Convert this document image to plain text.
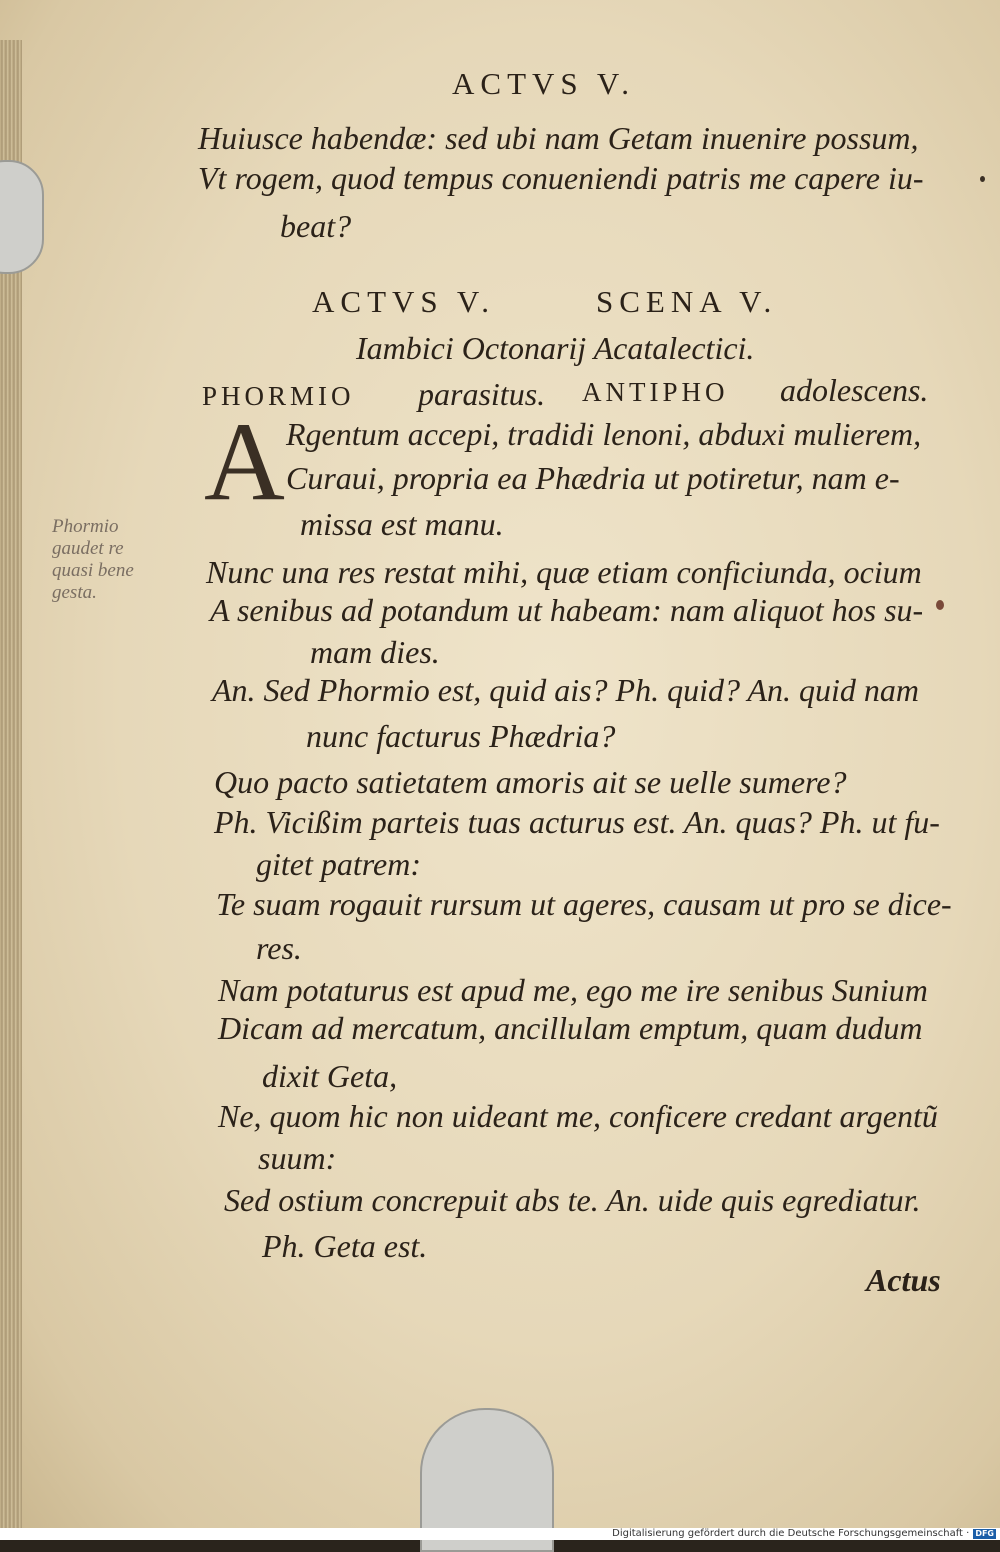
ACTVS V.
Huiusce habendæ: sed ubi nam Getam inuenire possum,
Vt rogem, quod tempus conueniendi patris me capere iu-
beat?
ACTVS V.	SCENA V.
Iambici Octonarij Acatalectici.
PHORMIO parasitus. ANTIPHO adolescens.
A Rgentum accepi, tradidi lenoni, abduxi mulierem,
Curaui, propria ea Phædria ut potiretur, nam e-
missa est manu.
Nunc una res restat mihi, quæ etiam conficiunda, ocium
A senibus ad potandum ut habeam: nam aliquot hos su-
mam dies.
An. Sed Phormio est, quid ais? Ph. quid? An. quid nam
nunc facturus Phædria?
Quo pacto satietatem amoris ait se uelle sumere?
Ph. Vicißim parteis tuas acturus est. An. quas? Ph. ut fu-
gitet patrem:
Te suam rogauit rursum ut ageres, causam ut pro se dice-
res.
Nam potaturus est apud me, ego me ire senibus Sunium
Dicam ad mercatum, ancillulam emptum, quam dudum
dixit Geta,
Ne, quom hic non uideant me, conficere credant argentũ
suum:
Sed ostium concrepuit abs te. An. uide quis egrediatur.
Ph. Geta est.
Actus
Phormio
gaudet re
quasi bene
gesta.
Digitalisierung gefördert durch die Deutsche Forschungsgemeinschaft · DFG
